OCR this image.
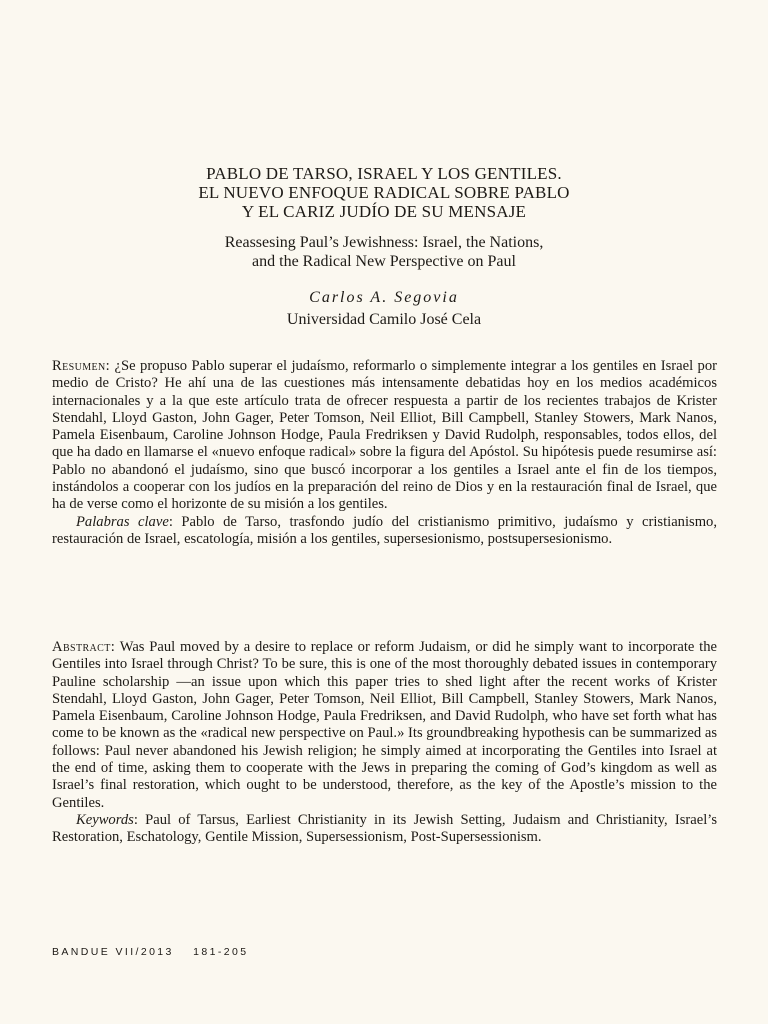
PABLO DE TARSO, ISRAEL Y LOS GENTILES.
EL NUEVO ENFOQUE RADICAL SOBRE PABLO
Y EL CARIZ JUDÍO DE SU MENSAJE
Reassesing Paul’s Jewishness: Israel, the Nations,
and the Radical New Perspective on Paul
Carlos A. Segovia
Universidad Camilo José Cela

Resumen: ¿Se propuso Pablo superar el judaísmo, reformarlo o simplemente integrar a los gentiles en Israel por medio de Cristo? He ahí una de las cuestiones más intensamente debatidas hoy en los medios académicos internacionales y a la que este artículo trata de ofrecer respuesta a partir de los recientes trabajos de Krister Stendahl, Lloyd Gaston, John Gager, Peter Tomson, Neil Elliot, Bill Campbell, Stanley Stowers, Mark Nanos, Pamela Eisenbaum, Caroline Johnson Hodge, Paula Fredriksen y David Rudolph, responsables, todos ellos, del que ha dado en llamarse el «nuevo enfoque radical» sobre la figura del Apóstol. Su hipótesis puede resumirse así: Pablo no abandonó el judaísmo, sino que buscó incorporar a los gentiles a Israel ante el fin de los tiempos, instándolos a cooperar con los judíos en la preparación del reino de Dios y en la restauración final de Israel, que ha de verse como el horizonte de su misión a los gentiles.

Palabras clave: Pablo de Tarso, trasfondo judío del cristianismo primitivo, judaísmo y cristianismo, restauración de Israel, escatología, misión a los gentiles, supersesionismo, postsupersesionismo.

Abstract: Was Paul moved by a desire to replace or reform Judaism, or did he simply want to incorporate the Gentiles into Israel through Christ? To be sure, this is one of the most thoroughly debated issues in contemporary Pauline scholarship —an issue upon which this paper tries to shed light after the recent works of Krister Stendahl, Lloyd Gaston, John Gager, Peter Tomson, Neil Elliot, Bill Campbell, Stanley Stowers, Mark Nanos, Pamela Eisenbaum, Caroline Johnson Hodge, Paula Fredriksen, and David Rudolph, who have set forth what has come to be known as the «radical new perspective on Paul.» Its groundbreaking hypothesis can be summarized as follows: Paul never abandoned his Jewish religion; he simply aimed at incorporating the Gentiles into Israel at the end of time, asking them to cooperate with the Jews in preparing the coming of God’s kingdom as well as Israel’s final restoration, which ought to be understood, therefore, as the key of the Apostle’s mission to the Gentiles.

Keywords: Paul of Tarsus, Earliest Christianity in its Jewish Setting, Judaism and Christianity, Israel’s Restoration, Eschatology, Gentile Mission, Supersessionism, Post-Supersessionism.

BANDUE VII/2013 181-205
